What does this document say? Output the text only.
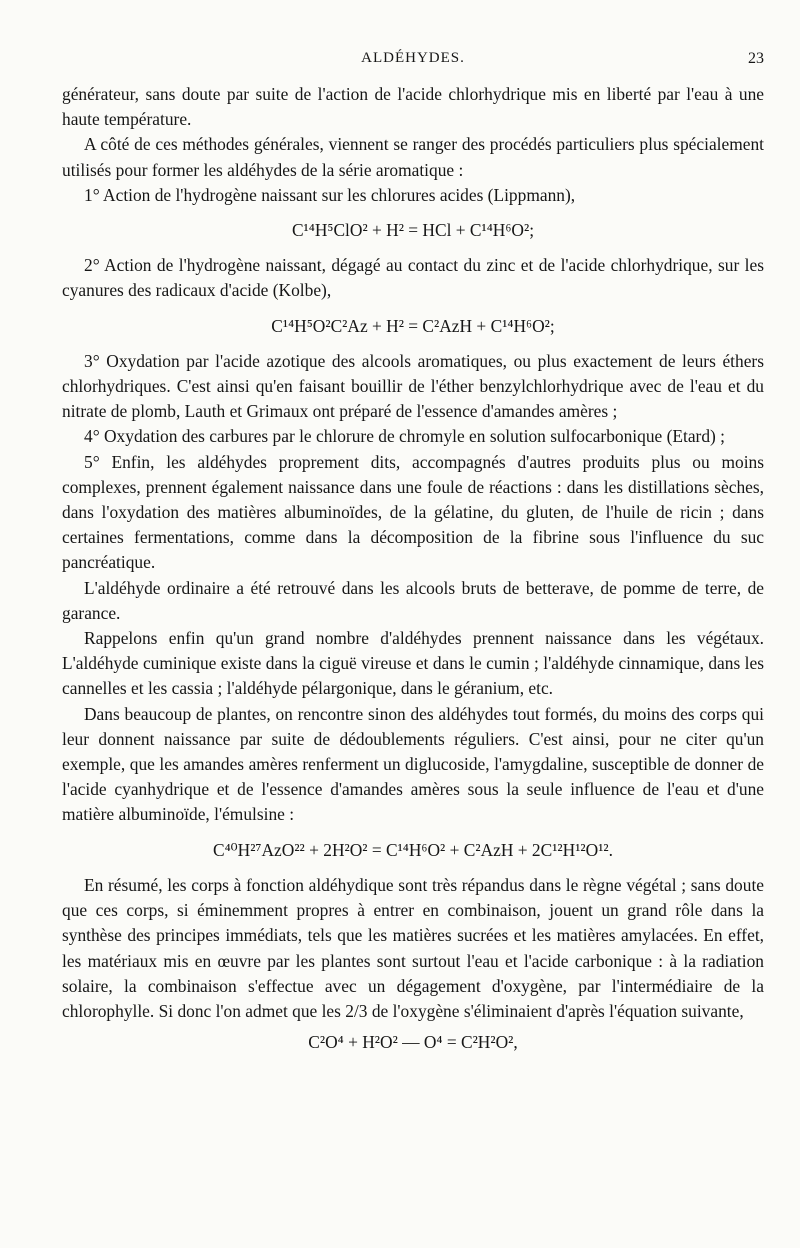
ALDÉHYDES.	23

générateur, sans doute par suite de l'action de l'acide chlorhydrique mis en liberté par l'eau à une haute température.

A côté de ces méthodes générales, viennent se ranger des procédés particuliers plus spécialement utilisés pour former les aldéhydes de la série aromatique :

1° Action de l'hydrogène naissant sur les chlorures acides (Lippmann),

C¹⁴H⁵ClO² + H² = HCl + C¹⁴H⁶O²;

2° Action de l'hydrogène naissant, dégagé au contact du zinc et de l'acide chlorhydrique, sur les cyanures des radicaux d'acide (Kolbe),

C¹⁴H⁵O²C²Az + H² = C²AzH + C¹⁴H⁶O²;

3° Oxydation par l'acide azotique des alcools aromatiques, ou plus exactement de leurs éthers chlorhydriques. C'est ainsi qu'en faisant bouillir de l'éther benzylchlorhydrique avec de l'eau et du nitrate de plomb, Lauth et Grimaux ont préparé de l'essence d'amandes amères ;

4° Oxydation des carbures par le chlorure de chromyle en solution sulfocarbonique (Etard) ;

5° Enfin, les aldéhydes proprement dits, accompagnés d'autres produits plus ou moins complexes, prennent également naissance dans une foule de réactions : dans les distillations sèches, dans l'oxydation des matières albuminoïdes, de la gélatine, du gluten, de l'huile de ricin ; dans certaines fermentations, comme dans la décomposition de la fibrine sous l'influence du suc pancréatique.

L'aldéhyde ordinaire a été retrouvé dans les alcools bruts de betterave, de pomme de terre, de garance.

Rappelons enfin qu'un grand nombre d'aldéhydes prennent naissance dans les végétaux. L'aldéhyde cuminique existe dans la ciguë vireuse et dans le cumin ; l'aldéhyde cinnamique, dans les cannelles et les cassia ; l'aldéhyde pélargonique, dans le géranium, etc.

Dans beaucoup de plantes, on rencontre sinon des aldéhydes tout formés, du moins des corps qui leur donnent naissance par suite de dédoublements réguliers. C'est ainsi, pour ne citer qu'un exemple, que les amandes amères renferment un diglucoside, l'amygdaline, susceptible de donner de l'acide cyanhydrique et de l'essence d'amandes amères sous la seule influence de l'eau et d'une matière albuminoïde, l'émulsine :

C⁴⁰H²⁷AzO²² + 2H²O² = C¹⁴H⁶O² + C²AzH + 2C¹²H¹²O¹².

En résumé, les corps à fonction aldéhydique sont très répandus dans le règne végétal ; sans doute que ces corps, si éminemment propres à entrer en combinaison, jouent un grand rôle dans la synthèse des principes immédiats, tels que les matières sucrées et les matières amylacées. En effet, les matériaux mis en œuvre par les plantes sont surtout l'eau et l'acide carbonique : à la radiation solaire, la combinaison s'effectue avec un dégagement d'oxygène, par l'intermédiaire de la chlorophylle. Si donc l'on admet que les 2/3 de l'oxygène s'éliminaient d'après l'équation suivante,

C²O⁴ + H²O² — O⁴ = C²H²O²,
